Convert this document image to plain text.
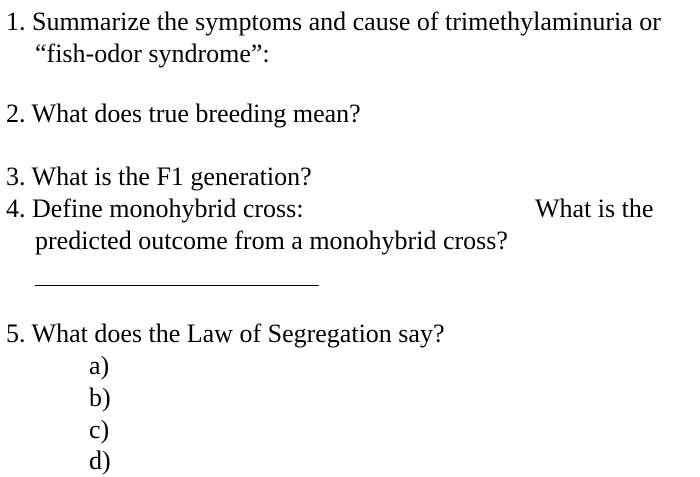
1. Summarize the symptoms and cause of trimethylaminuria or
“fish-odor syndrome”:
2. What does true breeding mean?
3. What is the F1 generation?
4. Define monohybrid cross:	What is the
predicted outcome from a monohybrid cross?
5. What does the Law of Segregation say?
a)
b)
c)
d)
